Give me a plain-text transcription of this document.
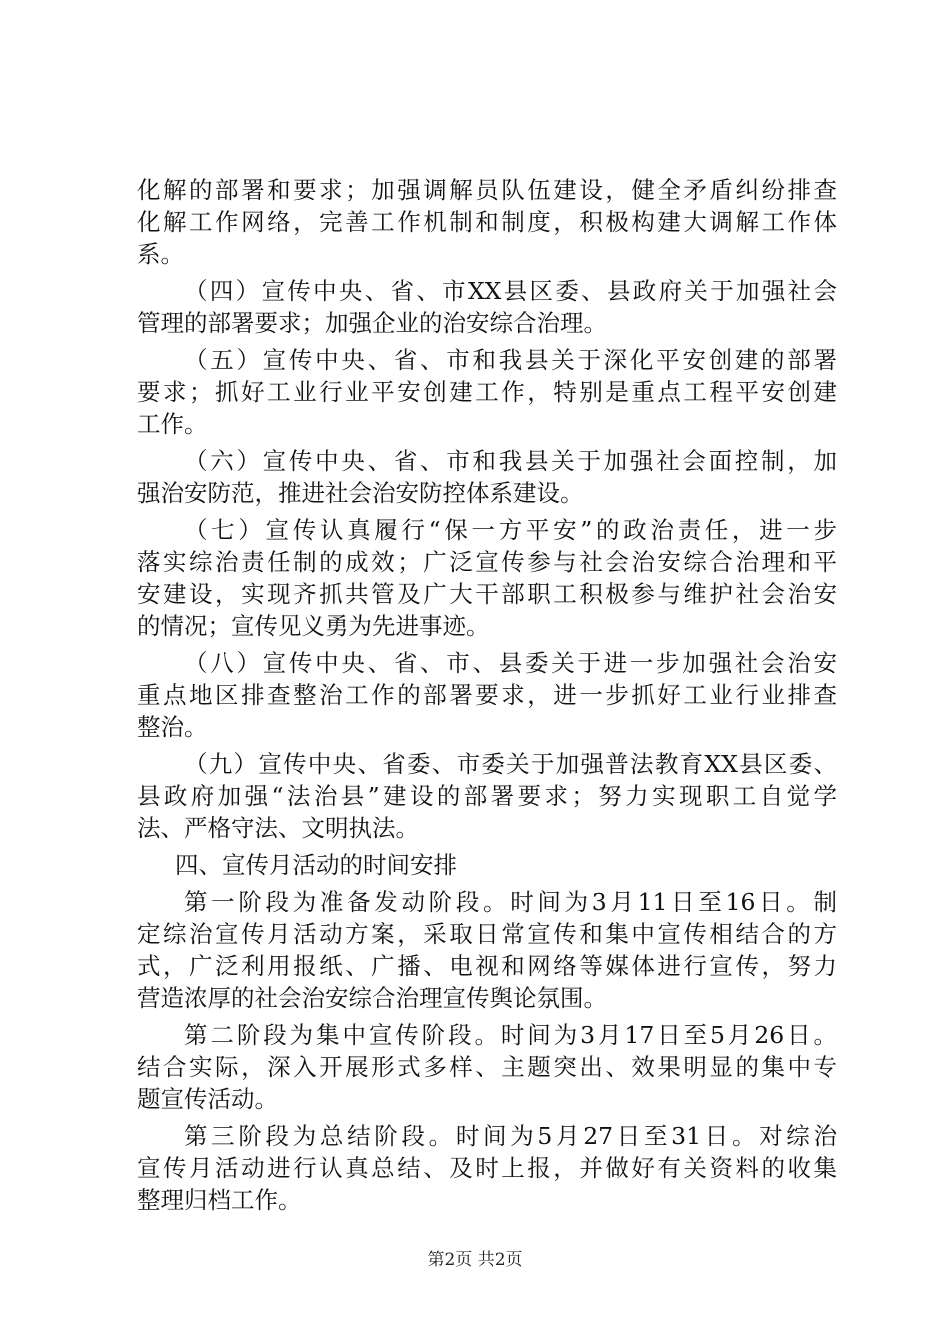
化解的部署和要求；加强调解员队伍建设，健全矛盾纠纷排查
化解工作网络，完善工作机制和制度，积极构建大调解工作体
系。
（四）宣传中央、省、市XX县区委、县政府关于加强社会
管理的部署要求；加强企业的治安综合治理。
（五）宣传中央、省、市和我县关于深化平安创建的部署
要求；抓好工业行业平安创建工作，特别是重点工程平安创建
工作。
（六）宣传中央、省、市和我县关于加强社会面控制，加
强治安防范，推进社会治安防控体系建设。
（七）宣传认真履行“保一方平安”的政治责任，进一步
落实综治责任制的成效；广泛宣传参与社会治安综合治理和平
安建设，实现齐抓共管及广大干部职工积极参与维护社会治安
的情况；宣传见义勇为先进事迹。
（八）宣传中央、省、市、县委关于进一步加强社会治安
重点地区排查整治工作的部署要求，进一步抓好工业行业排查
整治。
（九）宣传中央、省委、市委关于加强普法教育XX县区委、
县政府加强“法治县”建设的部署要求；努力实现职工自觉学
法、严格守法、文明执法。
四、宣传月活动的时间安排
第一阶段为准备发动阶段。时间为3月11日至16日。制
定综治宣传月活动方案，采取日常宣传和集中宣传相结合的方
式，广泛利用报纸、广播、电视和网络等媒体进行宣传，努力
营造浓厚的社会治安综合治理宣传舆论氛围。
第二阶段为集中宣传阶段。时间为3月17日至5月26日。
结合实际，深入开展形式多样、主题突出、效果明显的集中专
题宣传活动。
第三阶段为总结阶段。时间为5月27日至31日。对综治
宣传月活动进行认真总结、及时上报，并做好有关资料的收集
整理归档工作。
第2页 共2页
